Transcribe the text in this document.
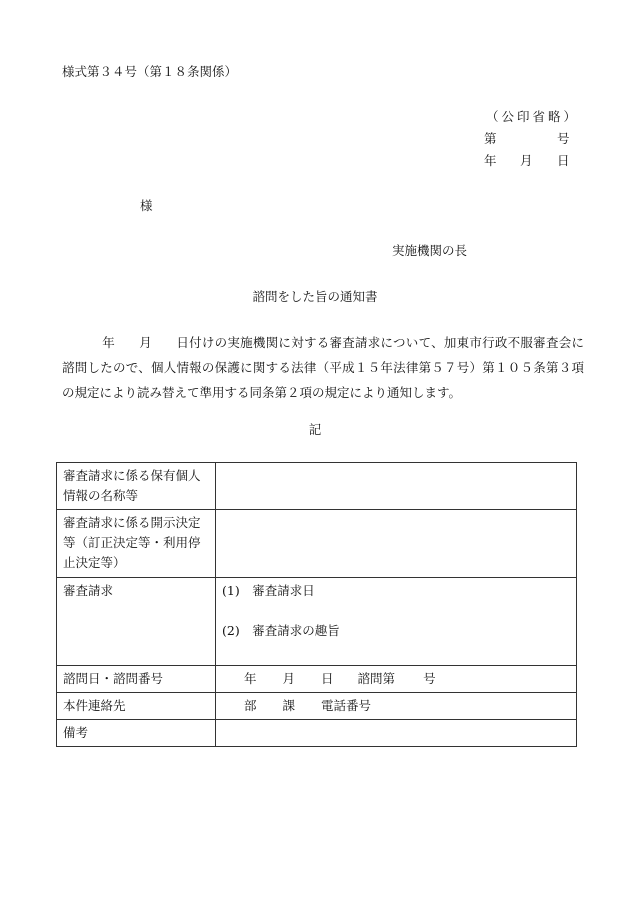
様式第３４号（第１８条関係）
（公印省略）
第	号
年 月 日
様
実施機関の長
諮問をした旨の通知書
年 月 日付けの実施機関に対する審査請求について、加東市行政不服審査会に
諮問したので、個人情報の保護に関する法律（平成１５年法律第５７号）第１０５条第３項
の規定により読み替えて準用する同条第２項の規定により通知します。
記
審査請求に係る保有個人情報の名称等	
審査請求に係る開示決定等（訂正決定等・利用停止決定等）	
審査請求	(1)　審査請求日
(2)　審査請求の趣旨

諮問日・諮問番号	年 月 日 諮問第 号
本件連絡先	部 課 電話番号
備考	
